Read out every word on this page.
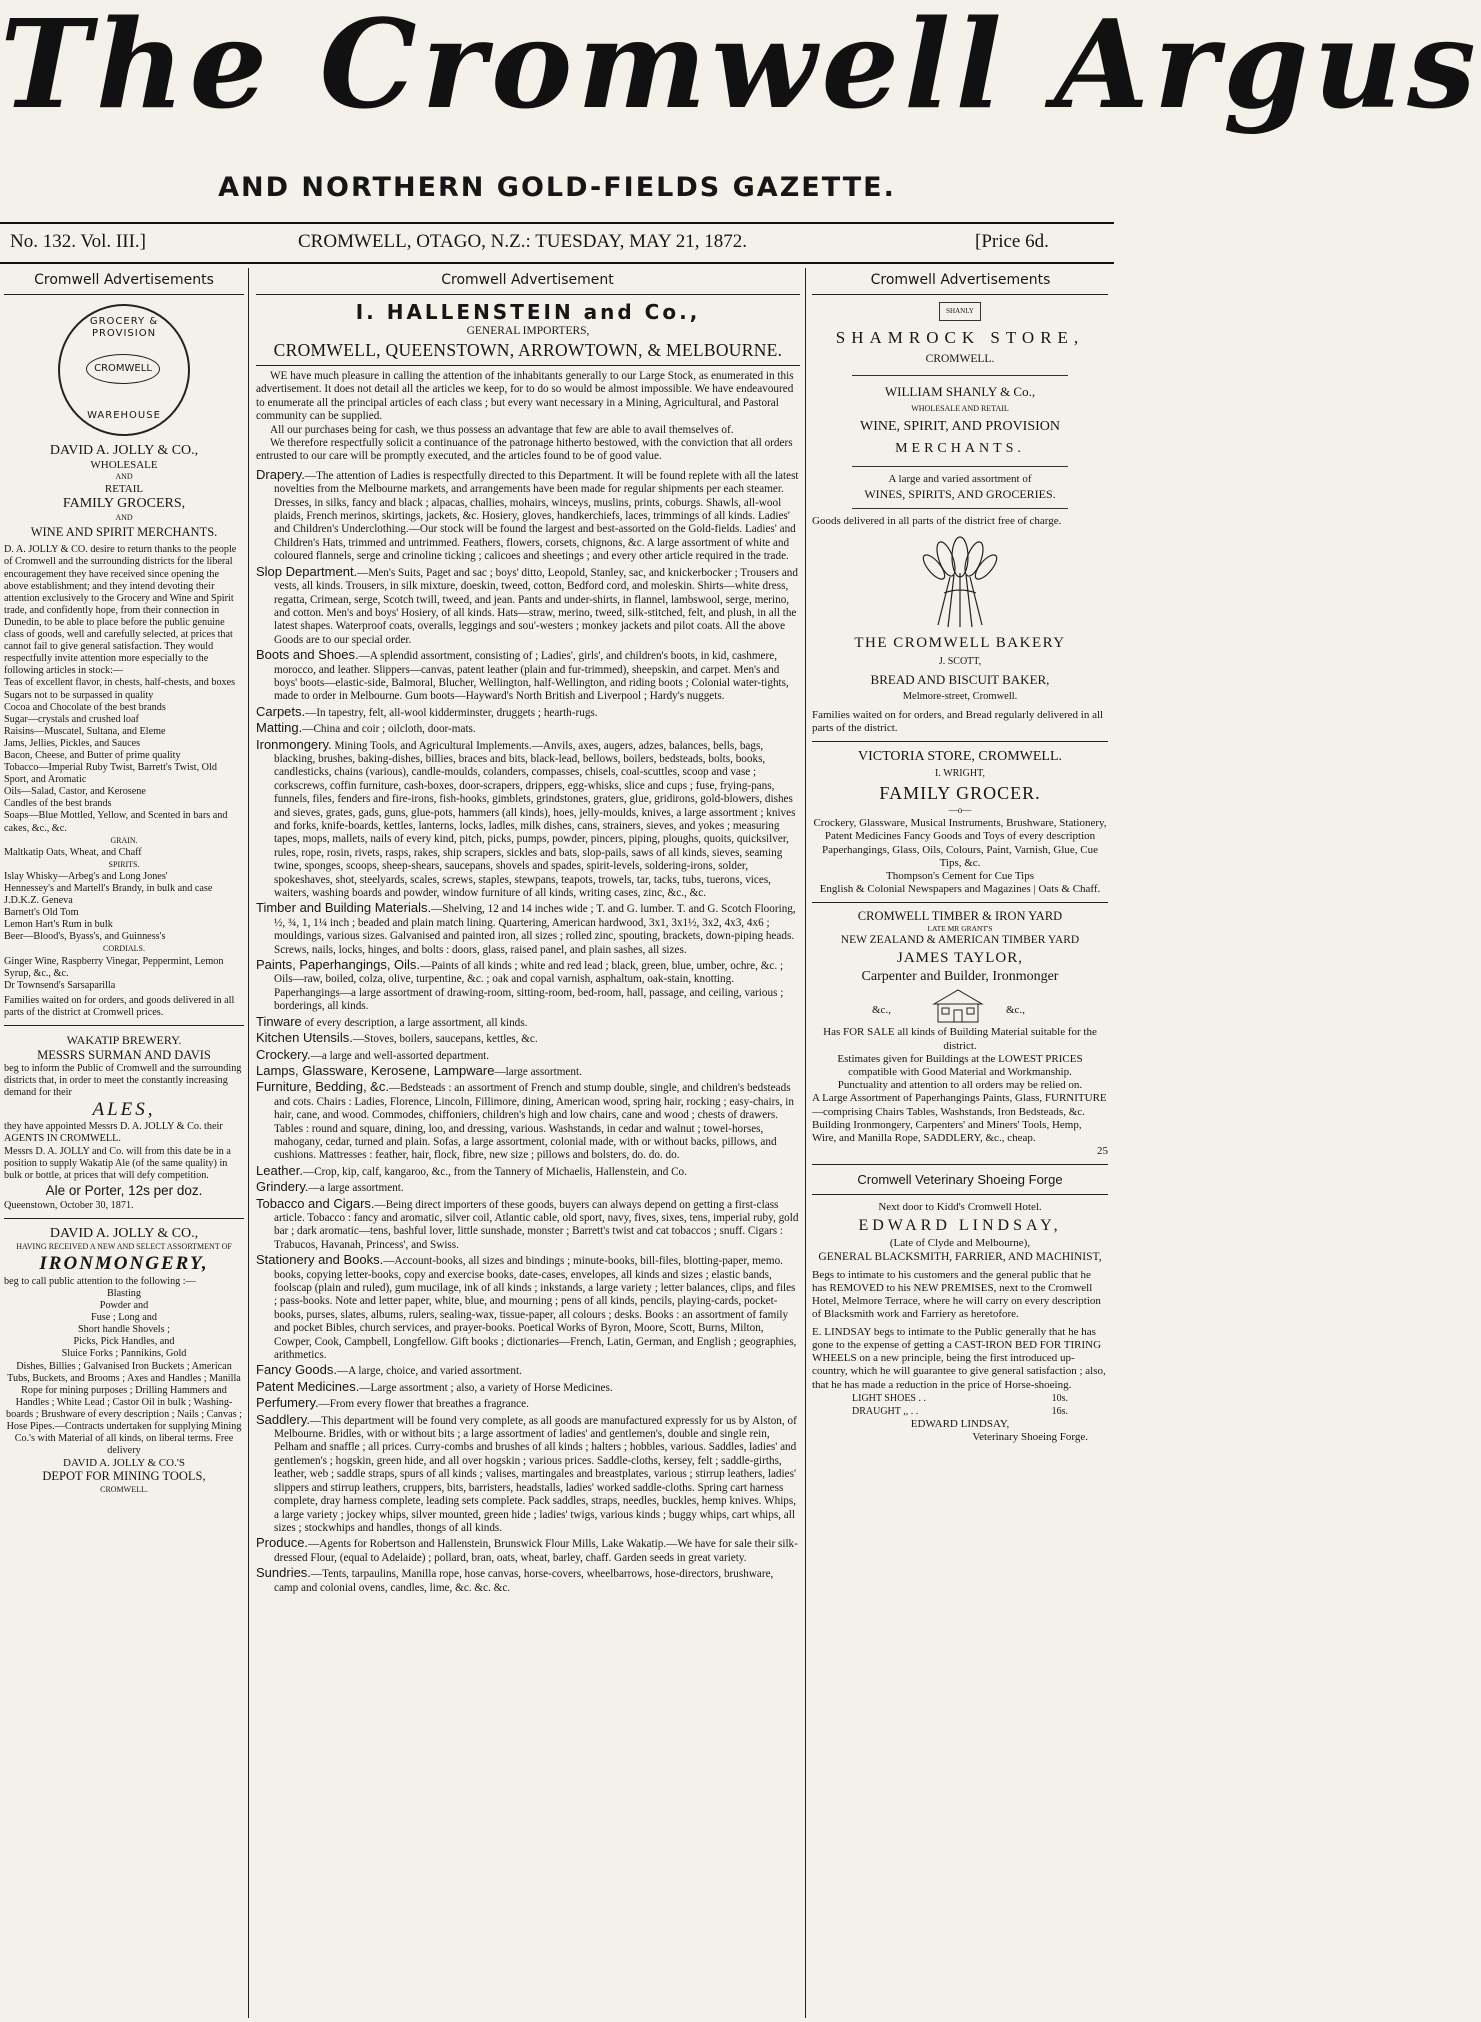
The Cromwell Argus
AND NORTHERN GOLD-FIELDS GAZETTE.
No. 132. Vol. III.]	CROMWELL, OTAGO, N.Z.: TUESDAY, MAY 21, 1872.	[Price 6d.
Cromwell Advertisements	Cromwell Advertisement	Cromwell Advertisements
GROCERY & PROVISION
CROMWELL
WAREHOUSE

DAVID A. JOLLY & CO.,

WHOLESALE

AND

RETAIL

FAMILY GROCERS,

AND

WINE AND SPIRIT MERCHANTS.

D. A. JOLLY & CO. desire to return thanks to the people of Cromwell and the surrounding districts for the liberal encouragement they have received since opening the above establishment; and they intend devoting their attention exclusively to the Grocery and Wine and Spirit trade, and confidently hope, from their connection in Dunedin, to be able to place before the public genuine class of goods, well and carefully selected, at prices that cannot fail to give general satisfaction. They would respectfully invite attention more especially to the following articles in stock:—

Teas of excellent flavor, in chests, half-chests, and boxes

Sugars not to be surpassed in quality

Cocoa and Chocolate of the best brands

Sugar—crystals and crushed loaf

Raisins—Muscatel, Sultana, and Eleme

Jams, Jellies, Pickles, and Sauces

Bacon, Cheese, and Butter of prime quality

Tobacco—Imperial Ruby Twist, Barrett's Twist, Old Sport, and Aromatic

Oils—Salad, Castor, and Kerosene

Candles of the best brands

Soaps—Blue Mottled, Yellow, and Scented in bars and cakes, &c., &c.

GRAIN.

Maltkatip Oats, Wheat, and Chaff

SPIRITS.

Islay Whisky—Arbeg's and Long Jones'

Hennessey's and Martell's Brandy, in bulk and case

J.D.K.Z. Geneva

Barnett's Old Tom

Lemon Hart's Rum in bulk

Beer—Blood's, Byass's, and Guinness's

CORDIALS.

Ginger Wine, Raspberry Vinegar, Peppermint, Lemon Syrup, &c., &c.

Dr Townsend's Sarsaparilla

Families waited on for orders, and goods delivered in all parts of the district at Cromwell prices.

WAKATIP BREWERY.

MESSRS SURMAN AND DAVIS

beg to inform the Public of Cromwell and the surrounding districts that, in order to meet the constantly increasing demand for their

ALES,

they have appointed Messrs D. A. JOLLY & Co. their AGENTS IN CROMWELL.

Messrs D. A. JOLLY and Co. will from this date be in a position to supply Wakatip Ale (of the same quality) in bulk or bottle, at prices that will defy competition.

Ale or Porter, 12s per doz.

Queenstown, October 30, 1871.

DAVID A. JOLLY & CO.,

HAVING RECEIVED A NEW AND SELECT ASSORTMENT OF

IRONMONGERY,

beg to call public attention to the following :—

Blasting

Powder and

Fuse ; Long and

Short handle Shovels ;

Picks, Pick Handles, and

Sluice Forks ; Pannikins, Gold

Dishes, Billies ; Galvanised Iron Buckets ; American Tubs, Buckets, and Brooms ; Axes and Handles ; Manilla Rope for mining purposes ; Drilling Hammers and Handles ; White Lead ; Castor Oil in bulk ; Washing-boards ; Brushware of every description ; Nails ; Canvas ; Hose Pipes.—Contracts undertaken for supplying Mining Co.'s with Material of all kinds, on liberal terms. Free delivery

DAVID A. JOLLY & CO.'S

DEPOT FOR MINING TOOLS,

CROMWELL.

I. HALLENSTEIN and Co.,

GENERAL IMPORTERS,

CROMWELL, QUEENSTOWN, ARROWTOWN, & MELBOURNE.

WE have much pleasure in calling the attention of the inhabitants generally to our Large Stock, as enumerated in this advertisement. It does not detail all the articles we keep, for to do so would be almost impossible. We have endeavoured to enumerate all the principal articles of each class ; but every want necessary in a Mining, Agricultural, and Pastoral community can be supplied.

All our purchases being for cash, we thus possess an advantage that few are able to avail themselves of.

We therefore respectfully solicit a continuance of the patronage hitherto bestowed, with the conviction that all orders entrusted to our care will be promptly executed, and the articles found to be of good value.

Drapery.—The attention of Ladies is respectfully directed to this Department. It will be found replete with all the latest novelties from the Melbourne markets, and arrangements have been made for regular shipments per each steamer. Dresses, in silks, fancy and black ; alpacas, challies, mohairs, winceys, muslins, prints, coburgs. Shawls, all-wool plaids, French merinos, skirtings, jackets, &c. Hosiery, gloves, handkerchiefs, laces, trimmings of all kinds. Ladies' and Children's Underclothing.—Our stock will be found the largest and best-assorted on the Gold-fields. Ladies' and Children's Hats, trimmed and untrimmed. Feathers, flowers, corsets, chignons, &c. A large assortment of white and coloured flannels, serge and crinoline ticking ; calicoes and sheetings ; and every other article required in the trade.

Slop Department.—Men's Suits, Paget and sac ; boys' ditto, Leopold, Stanley, sac, and knickerbocker ; Trousers and vests, all kinds. Trousers, in silk mixture, doeskin, tweed, cotton, Bedford cord, and moleskin. Shirts—white dress, regatta, Crimean, serge, Scotch twill, tweed, and jean. Pants and under-shirts, in flannel, lambswool, serge, merino, and cotton. Men's and boys' Hosiery, of all kinds. Hats—straw, merino, tweed, silk-stitched, felt, and plush, in all the latest shapes. Waterproof coats, overalls, leggings and sou'-westers ; monkey jackets and pilot coats. All the above Goods are to our special order.

Boots and Shoes.—A splendid assortment, consisting of ; Ladies', girls', and children's boots, in kid, cashmere, morocco, and leather. Slippers—canvas, patent leather (plain and fur-trimmed), sheepskin, and carpet. Men's and boys' boots—elastic-side, Balmoral, Blucher, Wellington, half-Wellington, and riding boots ; Colonial water-tights, made to order in Melbourne. Gum boots—Hayward's North British and Liverpool ; Hardy's nuggets.

Carpets.—In tapestry, felt, all-wool kidderminster, druggets ; hearth-rugs.

Matting.—China and coir ; oilcloth, door-mats.

Ironmongery. Mining Tools, and Agricultural Implements.—Anvils, axes, augers, adzes, balances, bells, bags, blacking, brushes, baking-dishes, billies, braces and bits, black-lead, bellows, boilers, bedsteads, bolts, books, candlesticks, chains (various), candle-moulds, colanders, compasses, chisels, coal-scuttles, scoop and vase ; corkscrews, coffin furniture, cash-boxes, door-scrapers, drippers, egg-whisks, slice and cups ; fuse, frying-pans, funnels, files, fenders and fire-irons, fish-hooks, gimblets, grindstones, graters, glue, gridirons, gold-blowers, dishes and sieves, grates, gads, guns, glue-pots, hammers (all kinds), hoes, jelly-moulds, knives, a large assortment ; knives and forks, knife-boards, kettles, lanterns, locks, ladles, milk dishes, cans, strainers, sieves, and yokes ; measuring tapes, mops, mallets, nails of every kind, pitch, picks, pumps, powder, pincers, piping, ploughs, quoits, quicksilver, rules, rope, rosin, rivets, rasps, rakes, ship scrapers, sickles and bats, slop-pails, saws of all kinds, sieves, seaming twine, sponges, scoops, sheep-shears, saucepans, shovels and spades, spirit-levels, soldering-irons, solder, spokeshaves, shot, steelyards, scales, screws, staples, stewpans, teapots, trowels, tar, tacks, tubs, tuerons, vices, waiters, washing boards and powder, window furniture of all kinds, writing cases, zinc, &c., &c.

Timber and Building Materials.—Shelving, 12 and 14 inches wide ; T. and G. lumber. T. and G. Scotch Flooring, ½, ¾, 1, 1¼ inch ; beaded and plain match lining. Quartering, American hardwood, 3x1, 3x1½, 3x2, 4x3, 4x6 ; mouldings, various sizes. Galvanised and painted iron, all sizes ; rolled zinc, spouting, brackets, down-piping heads. Screws, nails, locks, hinges, and bolts : doors, glass, raised panel, and plain sashes, all sizes.

Paints, Paperhangings, Oils.—Paints of all kinds ; white and red lead ; black, green, blue, umber, ochre, &c. ; Oils—raw, boiled, colza, olive, turpentine, &c. ; oak and copal varnish, asphaltum, oak-stain, knotting. Paperhangings—a large assortment of drawing-room, sitting-room, bed-room, hall, passage, and ceiling, various ; borderings, all kinds.

Tinware of every description, a large assortment, all kinds.

Kitchen Utensils.—Stoves, boilers, saucepans, kettles, &c.

Crockery.—a large and well-assorted department.

Lamps, Glassware, Kerosene, Lampware—large assortment.

Furniture, Bedding, &c.—Bedsteads : an assortment of French and stump double, single, and children's bedsteads and cots. Chairs : Ladies, Florence, Lincoln, Fillimore, dining, American wood, spring hair, rocking ; easy-chairs, in hair, cane, and wood. Commodes, chiffoniers, children's high and low chairs, cane and wood ; chests of drawers. Tables : round and square, dining, loo, and dressing, various. Washstands, in cedar and walnut ; towel-horses, mahogany, cedar, turned and plain. Sofas, a large assortment, colonial made, with or without backs, pillows, and cushions. Mattresses : feather, hair, flock, fibre, new size ; pillows and bolsters, do. do. do.

Leather.—Crop, kip, calf, kangaroo, &c., from the Tannery of Michaelis, Hallenstein, and Co.

Grindery.—a large assortment.

Tobacco and Cigars.—Being direct importers of these goods, buyers can always depend on getting a first-class article. Tobacco : fancy and aromatic, silver coil, Atlantic cable, old sport, navy, fives, sixes, tens, imperial ruby, gold bar ; dark aromatic—tens, bashful lover, little sunshade, monster ; Barrett's twist and cat tobaccos ; snuff. Cigars : Trabucos, Havanah, Princess', and Swiss.

Stationery and Books.—Account-books, all sizes and bindings ; minute-books, bill-files, blotting-paper, memo. books, copying letter-books, copy and exercise books, date-cases, envelopes, all kinds and sizes ; elastic bands, foolscap (plain and ruled), gum mucilage, ink of all kinds ; inkstands, a large variety ; letter balances, clips, and files ; pass-books. Note and letter paper, white, blue, and mourning ; pens of all kinds, pencils, playing-cards, pocket-books, purses, slates, albums, rulers, sealing-wax, tissue-paper, all colours ; desks. Books : an assortment of family and pocket Bibles, church services, and prayer-books. Poetical Works of Byron, Moore, Scott, Burns, Milton, Cowper, Cook, Campbell, Longfellow. Gift books ; dictionaries—French, Latin, German, and English ; geographies, arithmetics.

Fancy Goods.—A large, choice, and varied assortment.

Patent Medicines.—Large assortment ; also, a variety of Horse Medicines.

Perfumery.—From every flower that breathes a fragrance.

Saddlery.—This department will be found very complete, as all goods are manufactured expressly for us by Alston, of Melbourne. Bridles, with or without bits ; a large assortment of ladies' and gentlemen's, double and single rein, Pelham and snaffle ; all prices. Curry-combs and brushes of all kinds ; halters ; hobbles, various. Saddles, ladies' and gentlemen's ; hogskin, green hide, and all over hogskin ; various prices. Saddle-cloths, kersey, felt ; saddle-girths, leather, web ; saddle straps, spurs of all kinds ; valises, martingales and breastplates, various ; stirrup leathers, ladies' slippers and stirrup leathers, cruppers, bits, barristers, headstalls, ladies' worked saddle-cloths. Spring cart harness complete, dray harness complete, leading sets complete. Pack saddles, straps, needles, buckles, hemp knives. Whips, a large variety ; jockey whips, silver mounted, green hide ; ladies' twigs, various kinds ; buggy whips, cart whips, all sizes ; stockwhips and handles, thongs of all kinds.

Produce.—Agents for Robertson and Hallenstein, Brunswick Flour Mills, Lake Wakatip.—We have for sale their silk-dressed Flour, (equal to Adelaide) ; pollard, bran, oats, wheat, barley, chaff. Garden seeds in great variety.

Sundries.—Tents, tarpaulins, Manilla rope, hose canvas, horse-covers, wheelbarrows, hose-directors, brushware, camp and colonial ovens, candles, lime, &c. &c. &c.

SHANLY

SHAMROCK STORE,

CROMWELL.

WILLIAM SHANLY & Co.,

WHOLESALE AND RETAIL

WINE, SPIRIT, AND PROVISION

MERCHANTS.

A large and varied assortment of

WINES, SPIRITS, AND GROCERIES.

Goods delivered in all parts of the district free of charge.

THE CROMWELL BAKERY

J. SCOTT,

BREAD AND BISCUIT BAKER,

Melmore-street, Cromwell.

Families waited on for orders, and Bread regularly delivered in all parts of the district.

VICTORIA STORE, CROMWELL.

I. WRIGHT,

FAMILY GROCER.

—o—

Crockery, Glassware, Musical Instruments, Brushware, Stationery, Patent Medicines Fancy Goods and Toys of every description Paperhangings, Glass, Oils, Colours, Paint, Varnish, Glue, Cue Tips, &c.

Thompson's Cement for Cue Tips

English & Colonial Newspapers and Magazines | Oats & Chaff.

CROMWELL TIMBER & IRON YARD

LATE MR GRANT'S

NEW ZEALAND & AMERICAN TIMBER YARD

JAMES TAYLOR,

Carpenter and Builder, Ironmonger

&c.,	&c.,

Has FOR SALE all kinds of Building Material suitable for the district.

Estimates given for Buildings at the LOWEST PRICES compatible with Good Material and Workmanship.

Punctuality and attention to all orders may be relied on.

A Large Assortment of Paperhangings Paints, Glass, FURNITURE—comprising Chairs Tables, Washstands, Iron Bedsteads, &c.

Building Ironmongery, Carpenters' and Miners' Tools, Hemp, Wire, and Manilla Rope, SADDLERY, &c., cheap.

25

Cromwell Veterinary Shoeing Forge

Next door to Kidd's Cromwell Hotel.

EDWARD LINDSAY,

(Late of Clyde and Melbourne),

GENERAL BLACKSMITH, FARRIER, AND MACHINIST,

Begs to intimate to his customers and the general public that he has REMOVED to his NEW PREMISES, next to the Cromwell Hotel, Melmore Terrace, where he will carry on every description of Blacksmith work and Farriery as heretofore.

E. LINDSAY begs to intimate to the Public generally that he has gone to the expense of getting a CAST-IRON BED FOR TIRING WHEELS on a new principle, being the first introduced up-country, which he will guarantee to give general satisfaction ; also, that he has made a reduction in the price of Horse-shoeing.

LIGHT SHOES . .	10s.
DRAUGHT ,, . .	16s.

EDWARD LINDSAY,

Veterinary Shoeing Forge.
